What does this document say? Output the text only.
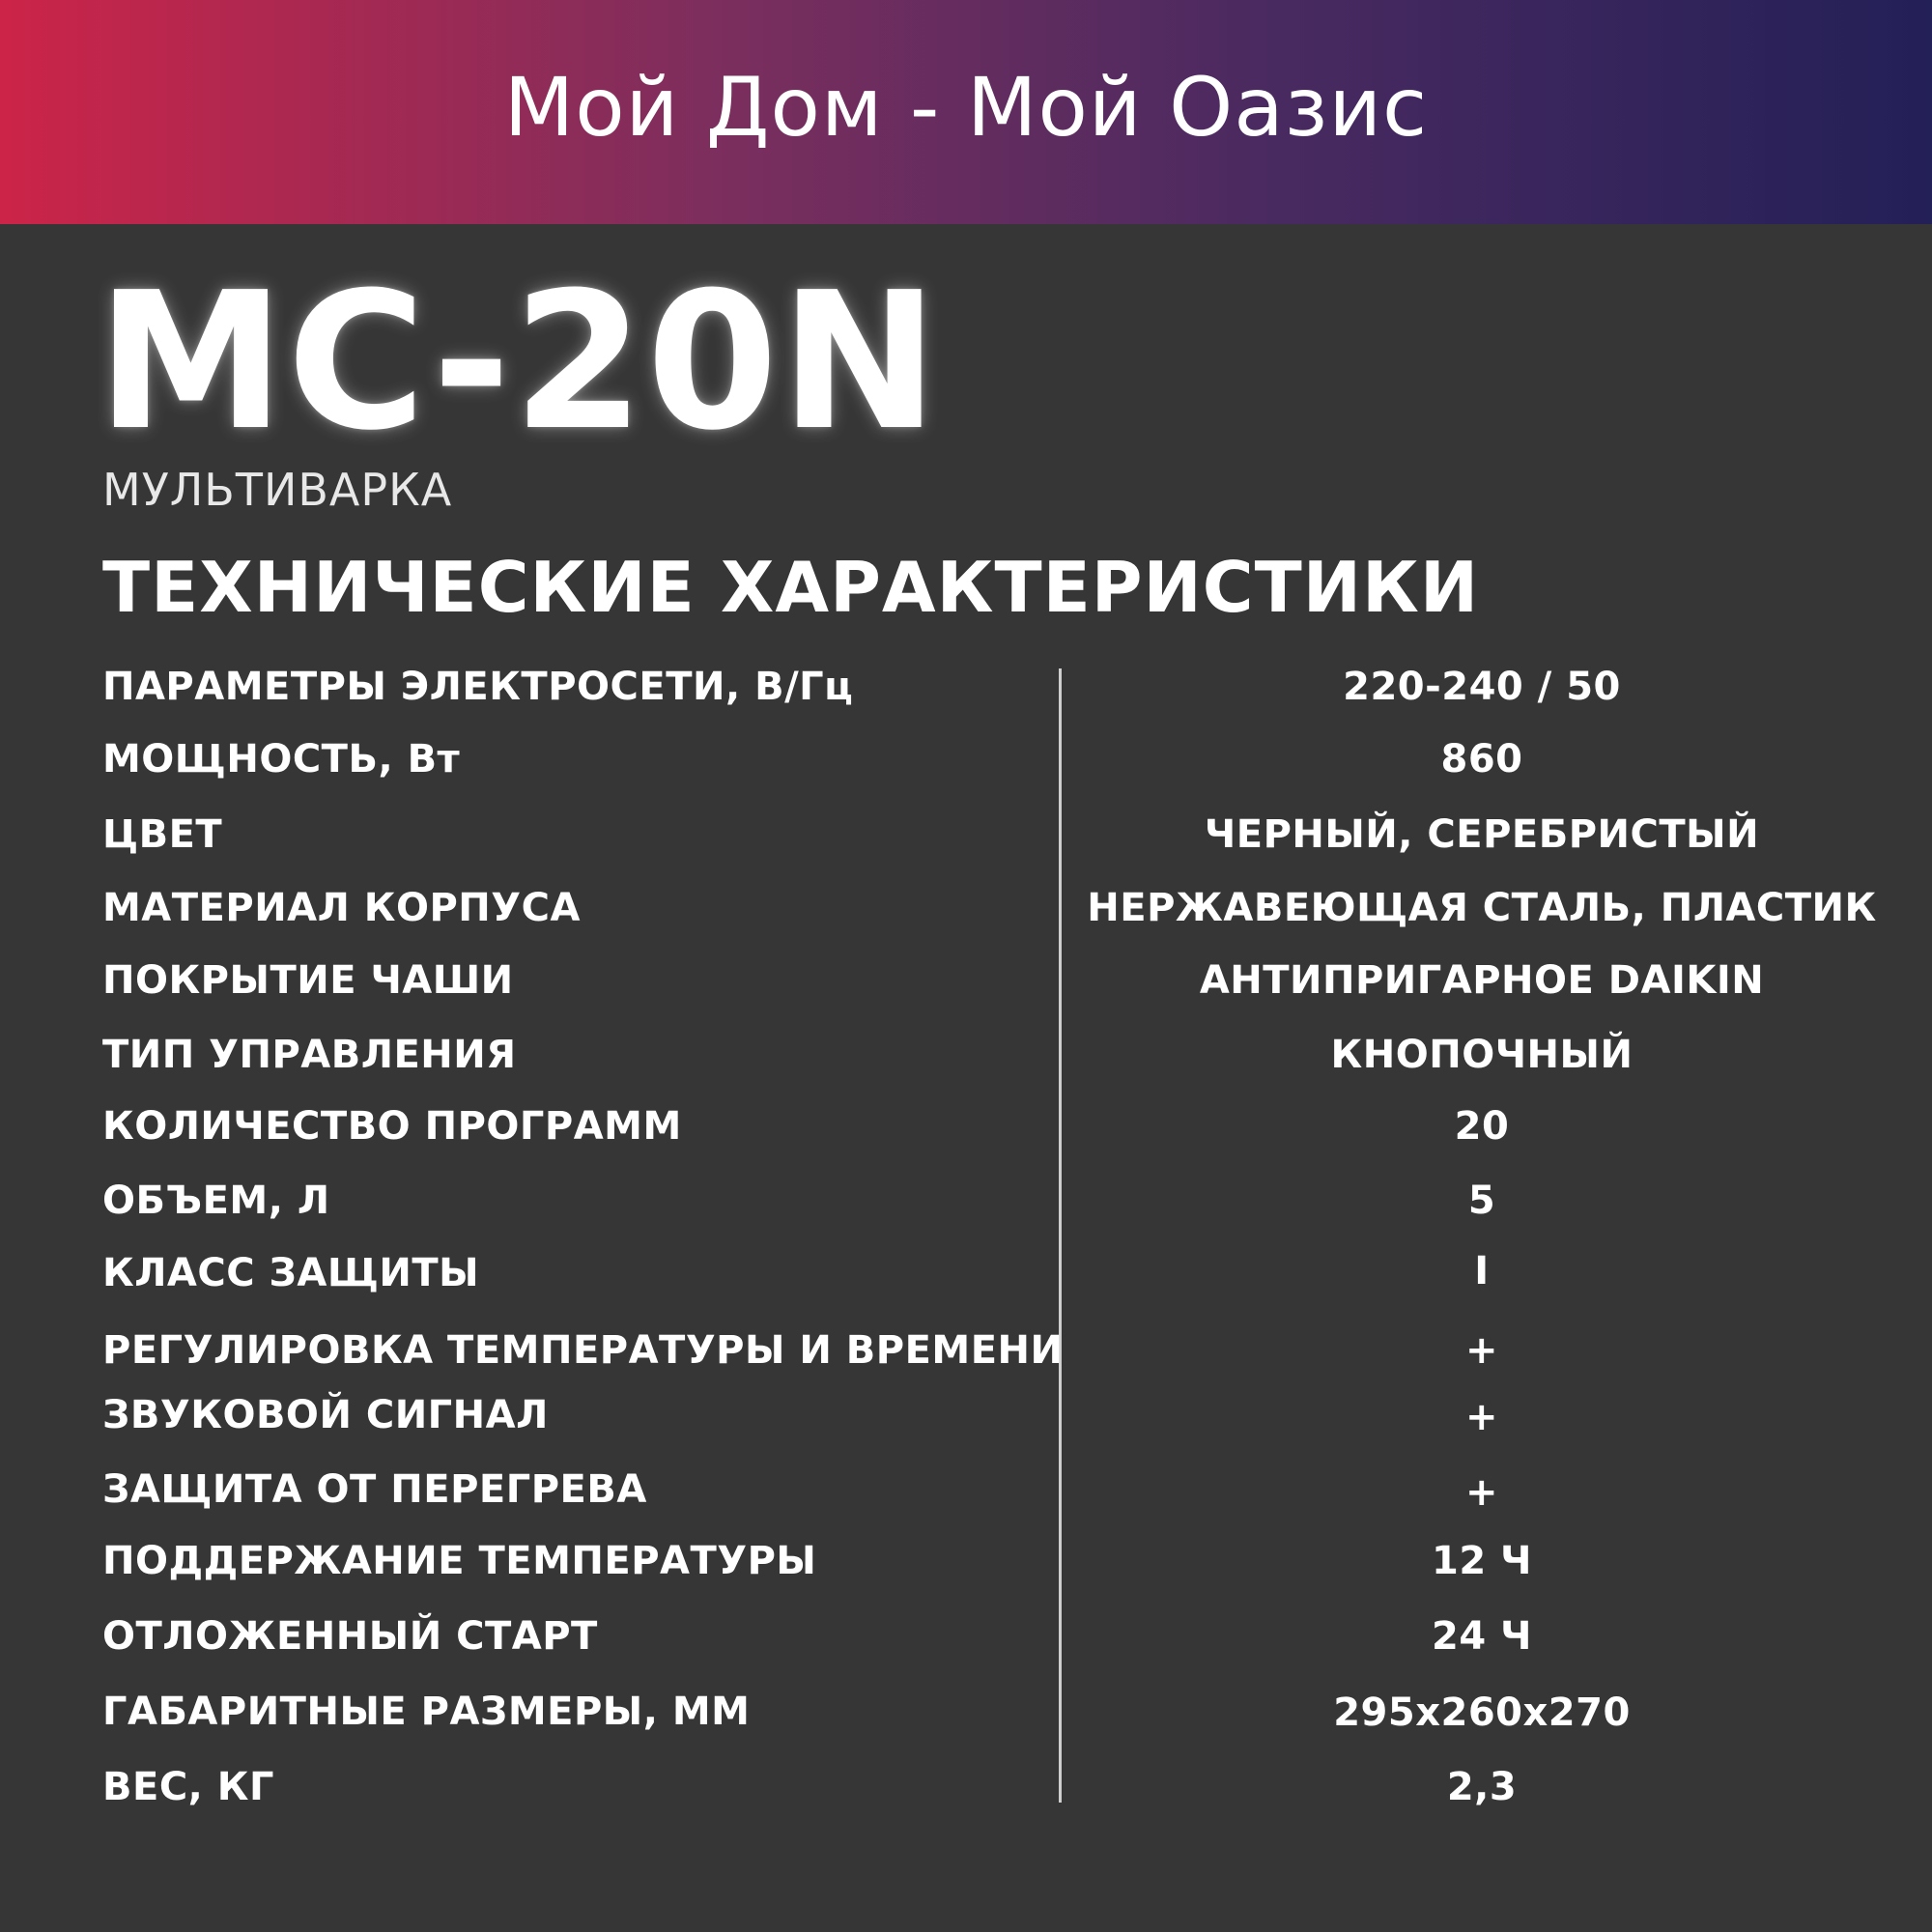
Мой Дом - Мой Оазис
MC-20N
МУЛЬТИВАРКА
ТЕХНИЧЕСКИЕ ХАРАКТЕРИСТИКИ
ПАРАМЕТРЫ ЭЛЕКТРОСЕТИ, В/Гц	220-240 / 50
МОЩНОСТЬ, Вт	860
ЦВЕТ	ЧЕРНЫЙ, СЕРЕБРИСТЫЙ
МАТЕРИАЛ КОРПУСА	НЕРЖАВЕЮЩАЯ СТАЛЬ, ПЛАСТИК
ПОКРЫТИЕ ЧАШИ	АНТИПРИГАРНОЕ DAIKIN
ТИП УПРАВЛЕНИЯ	КНОПОЧНЫЙ
КОЛИЧЕСТВО ПРОГРАММ	20
ОБЪЕМ, Л	5
КЛАСС ЗАЩИТЫ	I
РЕГУЛИРОВКА ТЕМПЕРАТУРЫ И ВРЕМЕНИ	+
ЗВУКОВОЙ СИГНАЛ	+
ЗАЩИТА ОТ ПЕРЕГРЕВА	+
ПОДДЕРЖАНИЕ ТЕМПЕРАТУРЫ	12 Ч
ОТЛОЖЕННЫЙ СТАРТ	24 Ч
ГАБАРИТНЫЕ РАЗМЕРЫ, ММ	295х260х270
ВЕС, КГ	2,3
